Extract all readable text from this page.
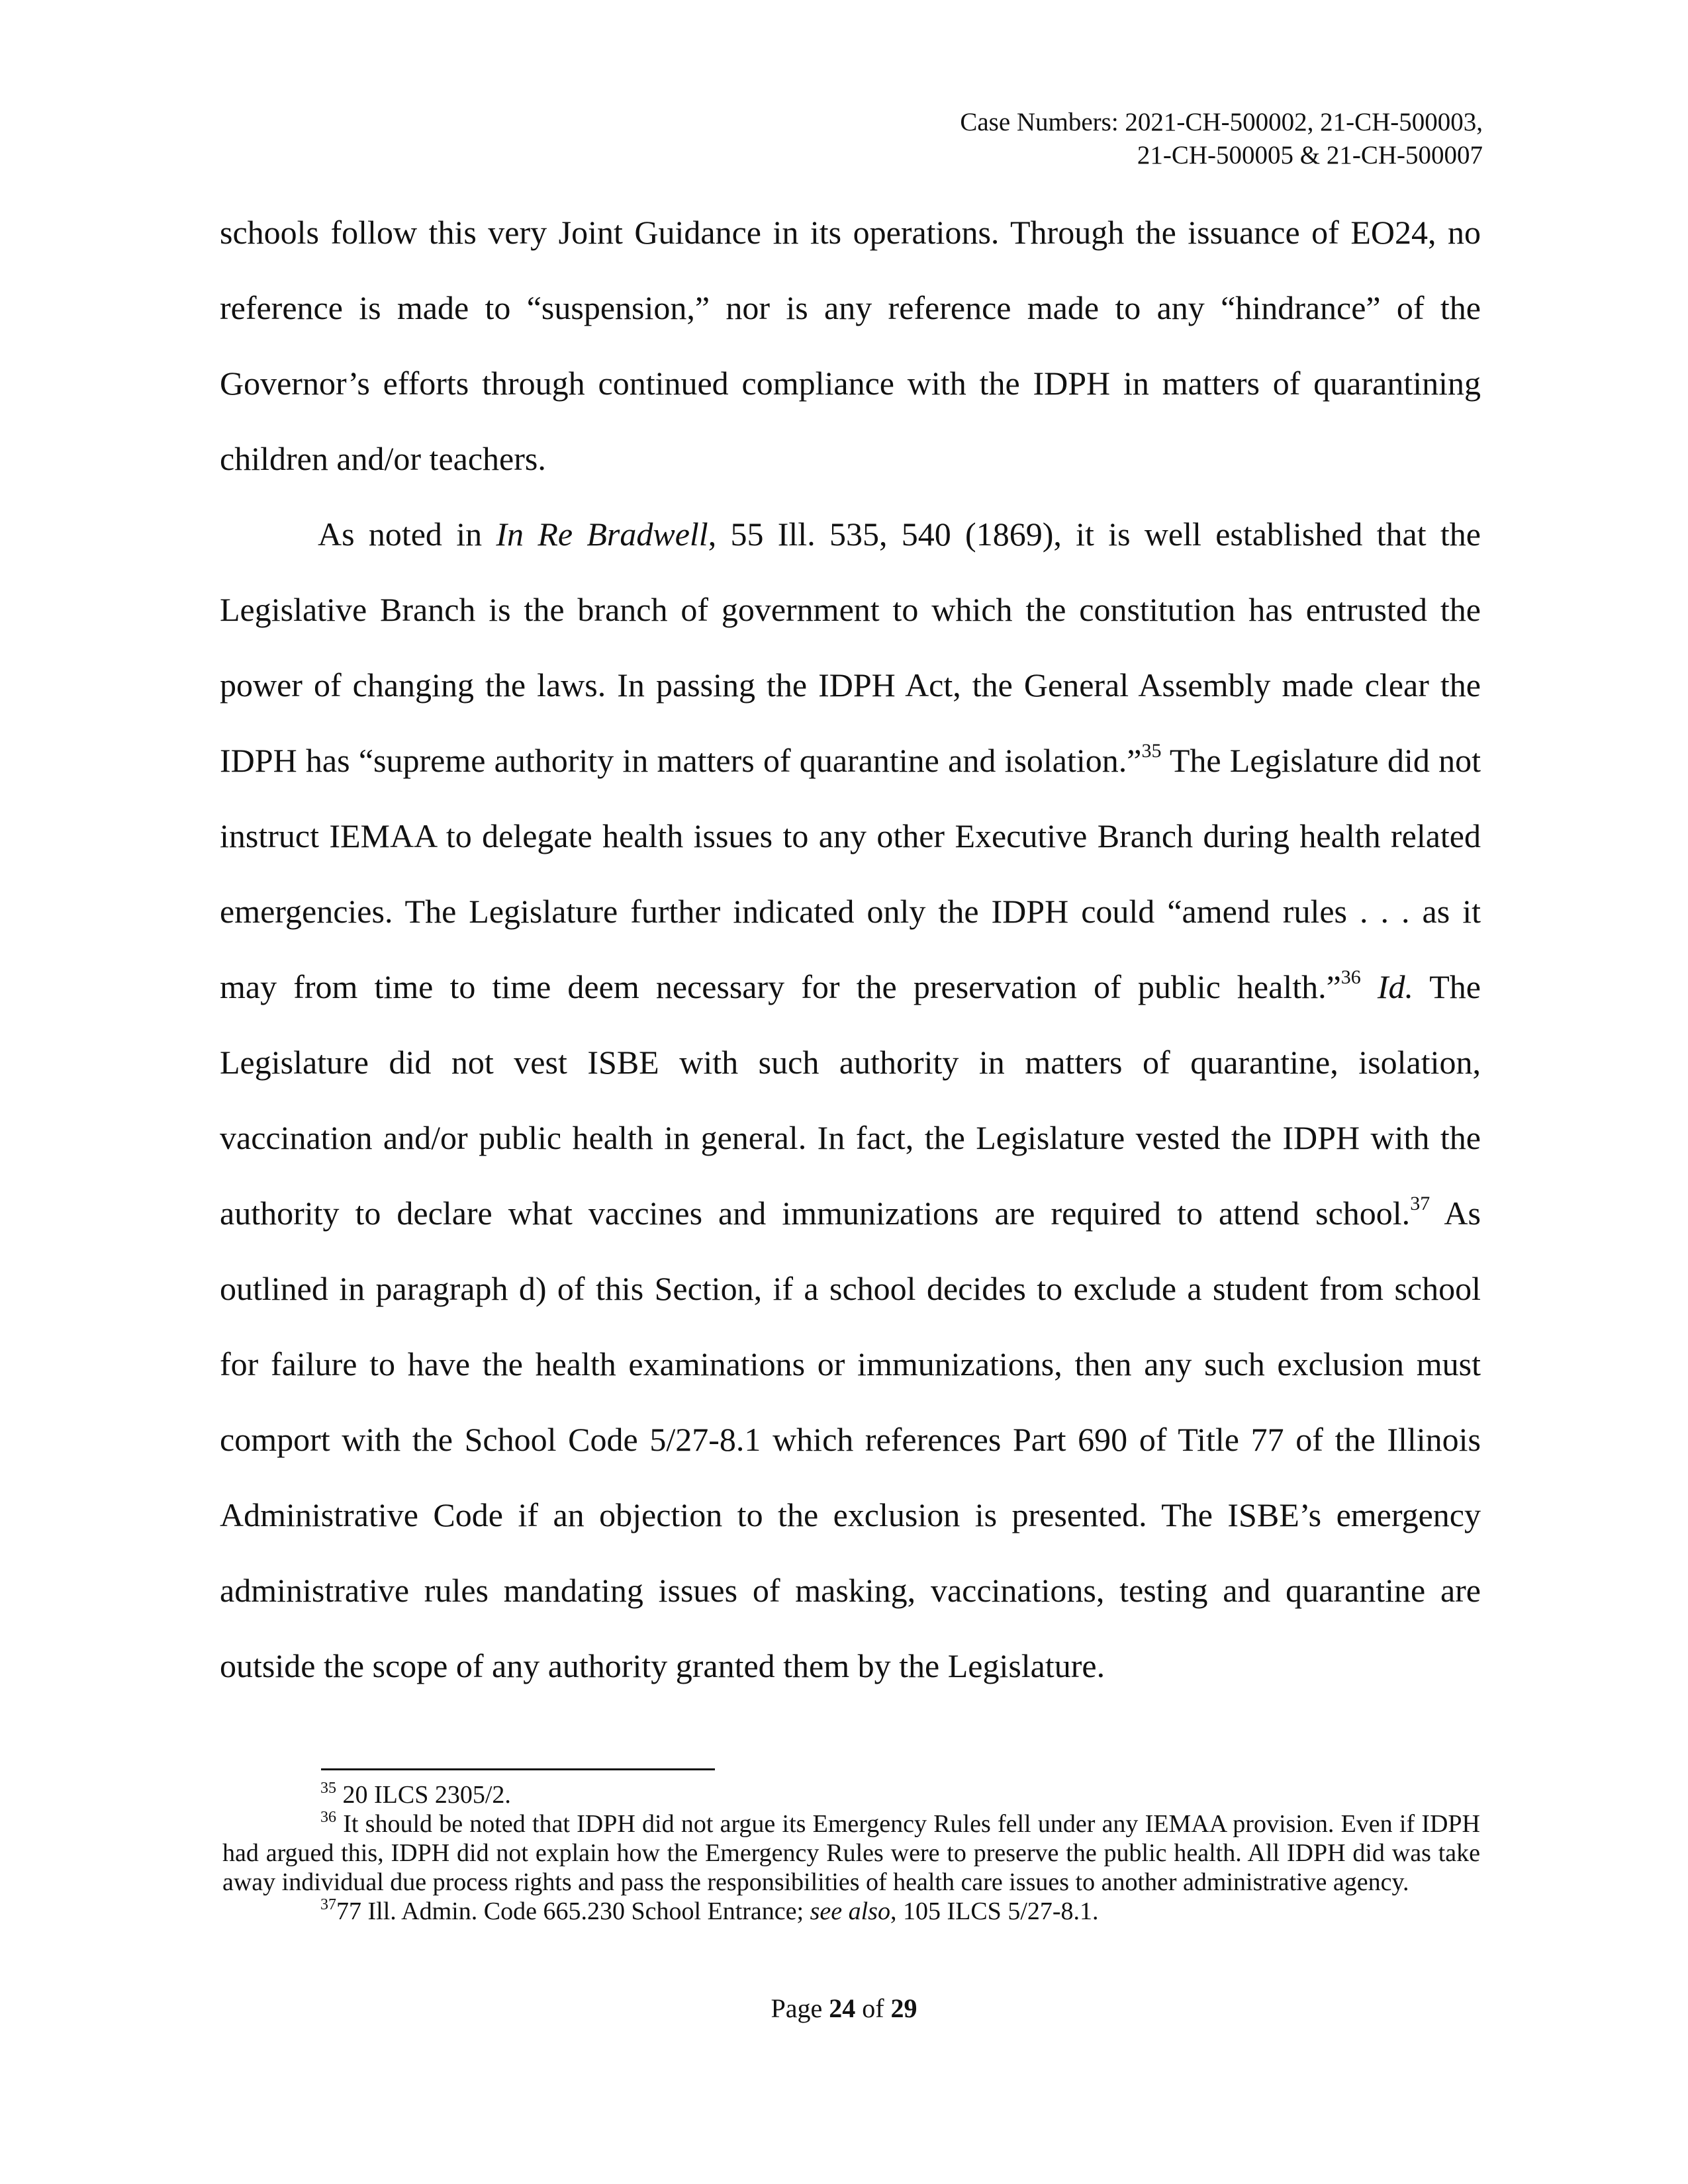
Case Numbers: 2021-CH-500002, 21-CH-500003,
21-CH-500005 & 21-CH-500007

schools follow this very Joint Guidance in its operations. Through the issuance of EO24, no reference is made to “suspension,” nor is any reference made to any “hindrance” of the Governor’s efforts through continued compliance with the IDPH in matters of quarantining children and/or teachers.

As noted in In Re Bradwell, 55 Ill. 535, 540 (1869), it is well established that the Legislative Branch is the branch of government to which the constitution has entrusted the power of changing the laws. In passing the IDPH Act, the General Assembly made clear the IDPH has “supreme authority in matters of quarantine and isolation.”$^{35}$ The Legislature did not instruct IEMAA to delegate health issues to any other Executive Branch during health related emergencies. The Legislature further indicated only the IDPH could “amend rules . . . as it may from time to time deem necessary for the preservation of public health.”$^{36}$ Id. The Legislature did not vest ISBE with such authority in matters of quarantine, isolation, vaccination and/or public health in general. In fact, the Legislature vested the IDPH with the authority to declare what vaccines and immunizations are required to attend school.$^{37}$ As outlined in paragraph d) of this Section, if a school decides to exclude a student from school for failure to have the health examinations or immunizations, then any such exclusion must comport with the School Code 5/27-8.1 which references Part 690 of Title 77 of the Illinois Administrative Code if an objection to the exclusion is presented. The ISBE’s emergency administrative rules mandating issues of masking, vaccinations, testing and quarantine are outside the scope of any authority granted them by the Legislature.

$^{35}$ 20 ILCS 2305/2.

$^{36}$ It should be noted that IDPH did not argue its Emergency Rules fell under any IEMAA provision. Even if IDPH had argued this, IDPH did not explain how the Emergency Rules were to preserve the public health. All IDPH did was take away individual due process rights and pass the responsibilities of health care issues to another administrative agency.

$^{37}$77 Ill. Admin. Code 665.230 School Entrance; see also, 105 ILCS 5/27-8.1.

Page 24 of 29
